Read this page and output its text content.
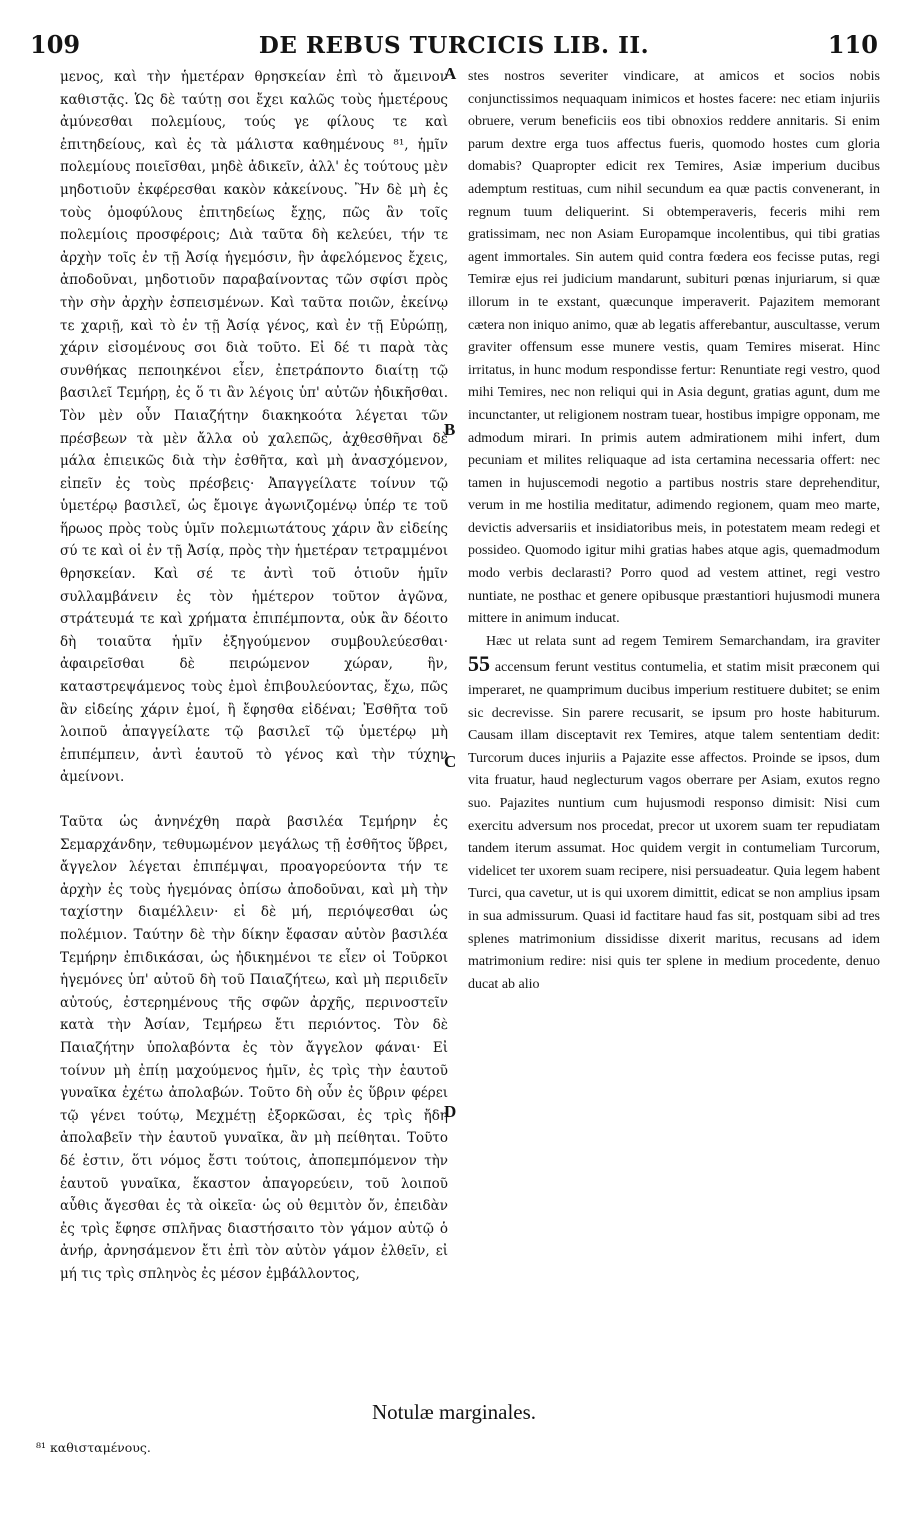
109	DE REBUS TURCICIS LIB. II.	110

μενος, καὶ τὴν ἡμετέραν θρησκείαν ἐπὶ τὸ ἄμεινον καθιστᾷς. Ὡς δὲ ταύτῃ σοι ἔχει καλῶς τοὺς ἡμετέρους ἀμύνεσθαι πολεμίους, τούς γε φίλους τε καὶ ἐπιτηδείους, καὶ ἐς τὰ μάλιστα καθημένους ⁸¹, ἡμῖν πολεμίους ποιεῖσθαι, μηδὲ ἀδικεῖν, ἀλλ' ἐς τούτους μὲν μηδοτιοῦν ἐκφέρεσθαι κακὸν κἀκείνους. Ἢν δὲ μὴ ἐς τοὺς ὁμοφύλους ἐπιτηδείως ἔχῃς, πῶς ἂν τοῖς πολεμίοις προσφέροις; Διὰ ταῦτα δὴ κελεύει, τήν τε ἀρχὴν τοῖς ἐν τῇ Ἀσίᾳ ἡγεμόσιν, ἣν ἀφελόμενος ἔχεις, ἀποδοῦναι, μηδοτιοῦν παραβαίνοντας τῶν σφίσι πρὸς τὴν σὴν ἀρχὴν ἐσπεισμένων. Καὶ ταῦτα ποιῶν, ἐκείνῳ τε χαριῇ, καὶ τὸ ἐν τῇ Ἀσίᾳ γένος, καὶ ἐν τῇ Εὐρώπῃ, χάριν εἰσομένους σοι διὰ τοῦτο. Εἰ δέ τι παρὰ τὰς συνθήκας πεποιηκένοι εἶεν, ἐπετράποντο διαίτῃ τῷ βασιλεῖ Τεμήρῃ, ἐς ὅ τι ἂν λέγοις ὑπ' αὐτῶν ἠδικῆσθαι. Τὸν μὲν οὖν Παιαζήτην διακηκοότα λέγεται τῶν πρέσβεων τὰ μὲν ἄλλα οὐ χαλεπῶς, ἀχθεσθῆναι δὲ μάλα ἐπιεικῶς διὰ τὴν ἐσθῆτα, καὶ μὴ ἀνασχόμενον, εἰπεῖν ἐς τοὺς πρέσβεις· Ἀπαγγείλατε τοίνυν τῷ ὑμετέρῳ βασιλεῖ, ὡς ἔμοιγε ἀγωνιζομένῳ ὑπέρ τε τοῦ ἥρωος πρὸς τοὺς ὑμῖν πολεμιωτάτους χάριν ἂν εἰδείης σύ τε καὶ οἱ ἐν τῇ Ἀσίᾳ, πρὸς τὴν ἡμετέραν τετραμμένοι θρησκείαν. Καὶ σέ τε ἀντὶ τοῦ ὁτιοῦν ἡμῖν συλλαμβάνειν ἐς τὸν ἡμέτερον τοῦτον ἀγῶνα, στράτευμά τε καὶ χρήματα ἐπιπέμποντα, οὐκ ἂν δέοιτο δὴ τοιαῦτα ἡμῖν ἐξηγούμενον συμβουλεύεσθαι· ἀφαιρεῖσθαι δὲ πειρώμενον χώραν, ἣν, καταστρεψάμενος τοὺς ἐμοὶ ἐπιβουλεύοντας, ἔχω, πῶς ἂν εἰδείης χάριν ἐμοί, ἢ ἔφησθα εἰδέναι; Ἐσθῆτα τοῦ λοιποῦ ἀπαγγείλατε τῷ βασιλεῖ τῷ ὑμετέρῳ μὴ ἐπιπέμπειν, ἀντὶ ἑαυτοῦ τὸ γένος καὶ τὴν τύχην ἀμείνονι.

Ταῦτα ὡς ἀνηνέχθη παρὰ βασιλέα Τεμήρην ἐς Σεμαρχάνδην, τεθυμωμένον μεγάλως τῇ ἐσθῆτος ὕβρει, ἄγγελον λέγεται ἐπιπέμψαι, προαγορεύοντα τήν τε ἀρχὴν ἐς τοὺς ἡγεμόνας ὀπίσω ἀποδοῦναι, καὶ μὴ τὴν ταχίστην διαμέλλειν· εἰ δὲ μή, περιόψεσθαι ὡς πολέμιον. Ταύτην δὲ τὴν δίκην ἔφασαν αὐτὸν βασιλέα Τεμήρην ἐπιδικάσαι, ὡς ἠδικημένοι τε εἶεν οἱ Τοῦρκοι ἡγεμόνες ὑπ' αὐτοῦ δὴ τοῦ Παιαζήτεω, καὶ μὴ περιιδεῖν αὐτούς, ἐστερημένους τῆς σφῶν ἀρχῆς, περινοστεῖν κατὰ τὴν Ἀσίαν, Τεμήρεω ἔτι περιόντος. Τὸν δὲ Παιαζήτην ὑπολαβόντα ἐς τὸν ἄγγελον φάναι· Εἰ τοίνυν μὴ ἐπίῃ μαχούμενος ἡμῖν, ἐς τρὶς τὴν ἑαυτοῦ γυναῖκα ἐχέτω ἀπολαβών. Τοῦτο δὴ οὖν ἐς ὕβριν φέρει τῷ γένει τούτῳ, Μεχμέτῃ ἐξορκῶσαι, ἐς τρὶς ἤδη ἀπολαβεῖν τὴν ἑαυτοῦ γυναῖκα, ἂν μὴ πείθηται. Τοῦτο δέ ἐστιν, ὅτι νόμος ἔστι τούτοις, ἀποπεμπόμενον τὴν ἑαυτοῦ γυναῖκα, ἕκαστον ἀπαγορεύειν, τοῦ λοιποῦ αὖθις ἄγεσθαι ἐς τὰ οἰκεῖα· ὡς οὐ θεμιτὸν ὄν, ἐπειδὰν ἐς τρὶς ἔφησε σπλῆνας διαστήσαιτο τὸν γάμον αὐτῷ ὁ ἀνήρ, ἀρνησάμενον ἔτι ἐπὶ τὸν αὐτὸν γάμον ἐλθεῖν, εἰ μή τις τρὶς σπληνὸς ἐς μέσον ἐμβάλλοντος,

A
B
C
D

stes nostros severiter vindicare, at amicos et socios nobis conjunctissimos nequaquam inimicos et hostes facere: nec etiam injuriis obruere, verum beneficiis eos tibi obnoxios reddere annitaris. Si enim parum dextre erga tuos affectus fueris, quomodo hostes cum gloria domabis? Quapropter edicit rex Temires, Asiæ imperium ducibus ademptum restituas, cum nihil secundum ea quæ pactis convenerant, in regnum tuum deliquerint. Si obtemperaveris, feceris mihi rem gratissimam, nec non Asiam Europamque incolentibus, qui tibi gratias agent immortales. Sin autem quid contra fœdera eos fecisse putas, regi Temiræ ejus rei judicium mandarunt, subituri pœnas injuriarum, si quæ illorum in te exstant, quæcunque imperaverit. Pajazitem memorant cætera non iniquo animo, quæ ab legatis afferebantur, auscultasse, verum graviter offensum esse munere vestis, quam Temires miserat. Hinc irritatus, in hunc modum respondisse fertur: Renuntiate regi vestro, quod mihi Temires, nec non reliqui qui in Asia degunt, gratias agunt, dum me incunctanter, ut religionem nostram tuear, hostibus impigre opponam, me admodum mirari. In primis autem admirationem mihi infert, dum pecuniam et milites reliquaque ad ista certamina necessaria offert: nec tamen in hujuscemodi negotio a partibus nostris stare deprehenditur, verum in me hostilia meditatur, adimendo regionem, quam meo marte, devictis adversariis et insidiatoribus meis, in potestatem meam redegi et possideo. Quomodo igitur mihi gratias habes atque agis, quemadmodum modo verbis declarasti? Porro quod ad vestem attinet, regi vestro nuntiate, ne posthac et genere opibusque præstantiori hujusmodi munera mittere in animum inducat.

Hæc ut relata sunt ad regem Temirem Semarchandam, ira graviter 55 accensum ferunt vestitus contumelia, et statim misit præconem qui imperaret, ne quamprimum ducibus imperium restituere dubitet; se enim sic decrevisse. Sin parere recusarit, se ipsum pro hoste habiturum. Causam illam disceptavit rex Temires, atque talem sententiam dedit: Turcorum duces injuriis a Pajazite esse affectos. Proinde se ipsos, dum vita fruatur, haud neglecturum vagos oberrare per Asiam, exutos regno suo. Pajazites nuntium cum hujusmodi responso dimisit: Nisi cum exercitu adversum nos procedat, precor ut uxorem suam ter repudiatam tandem iterum assumat. Hoc quidem vergit in contumeliam Turcorum, videlicet ter uxorem suam recipere, nisi persuadeatur. Quia legem habent Turci, qua cavetur, ut is qui uxorem dimittit, edicat se non amplius ipsam in sua admissurum. Quasi id factitare haud fas sit, postquam sibi ad tres splenes matrimonium dissidisse dixerit maritus, recusans ad idem matrimonium redire: nisi quis ter splene in medium procedente, denuo ducat ab alio

Notulæ marginales.
⁸¹ καθισταμένους.
